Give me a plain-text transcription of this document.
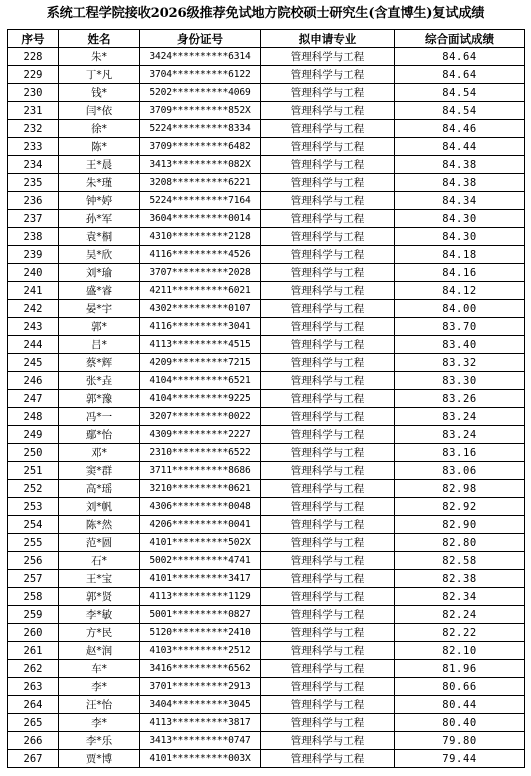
系统工程学院接收2026级推荐免试地方院校硕士研究生(含直博生)复试成绩
序号	姓名	身份证号	拟申请专业	综合面试成绩
228	朱*	3424**********6314	管理科学与工程	84.64
229	丁*凡	3704**********6122	管理科学与工程	84.64
230	钱*	5202**********4069	管理科学与工程	84.54
231	闫*依	3709**********852X	管理科学与工程	84.54
232	徐*	5224**********8334	管理科学与工程	84.46
233	陈*	3709**********6482	管理科学与工程	84.44
234	王*晨	3413**********082X	管理科学与工程	84.38
235	朱*瑾	3208**********6221	管理科学与工程	84.38
236	钟*婷	5224**********7164	管理科学与工程	84.34
237	孙*军	3604**********0014	管理科学与工程	84.30
238	袁*桐	4310**********2128	管理科学与工程	84.30
239	吴*欣	4116**********4526	管理科学与工程	84.18
240	刘*瑜	3707**********2028	管理科学与工程	84.16
241	盛*睿	4211**********6021	管理科学与工程	84.12
242	晏*宇	4302**********0107	管理科学与工程	84.00
243	郭*	4116**********3041	管理科学与工程	83.70
244	吕*	4113**********4515	管理科学与工程	83.40
245	蔡*辉	4209**********7215	管理科学与工程	83.32
246	张*垚	4104**********6521	管理科学与工程	83.30
247	郭*豫	4104**********9225	管理科学与工程	83.26
248	冯*一	3207**********0022	管理科学与工程	83.24
249	鄢*怡	4309**********2227	管理科学与工程	83.24
250	邓*	2310**********6522	管理科学与工程	83.16
251	窦*群	3711**********8686	管理科学与工程	83.06
252	高*瑶	3210**********0621	管理科学与工程	82.98
253	刘*帆	4306**********0048	管理科学与工程	82.92
254	陈*然	4206**********0041	管理科学与工程	82.90
255	范*圆	4101**********502X	管理科学与工程	82.80
256	石*	5002**********4741	管理科学与工程	82.58
257	王*宝	4101**********3417	管理科学与工程	82.38
258	郭*贤	4113**********1129	管理科学与工程	82.34
259	李*敏	5001**********0827	管理科学与工程	82.24
260	方*民	5120**********2410	管理科学与工程	82.22
261	赵*润	4103**********2512	管理科学与工程	82.10
262	车*	3416**********6562	管理科学与工程	81.96
263	李*	3701**********2913	管理科学与工程	80.66
264	汪*怡	3404**********3045	管理科学与工程	80.44
265	李*	4113**********3817	管理科学与工程	80.40
266	李*乐	3413**********0747	管理科学与工程	79.80
267	贾*博	4101**********003X	管理科学与工程	79.44
